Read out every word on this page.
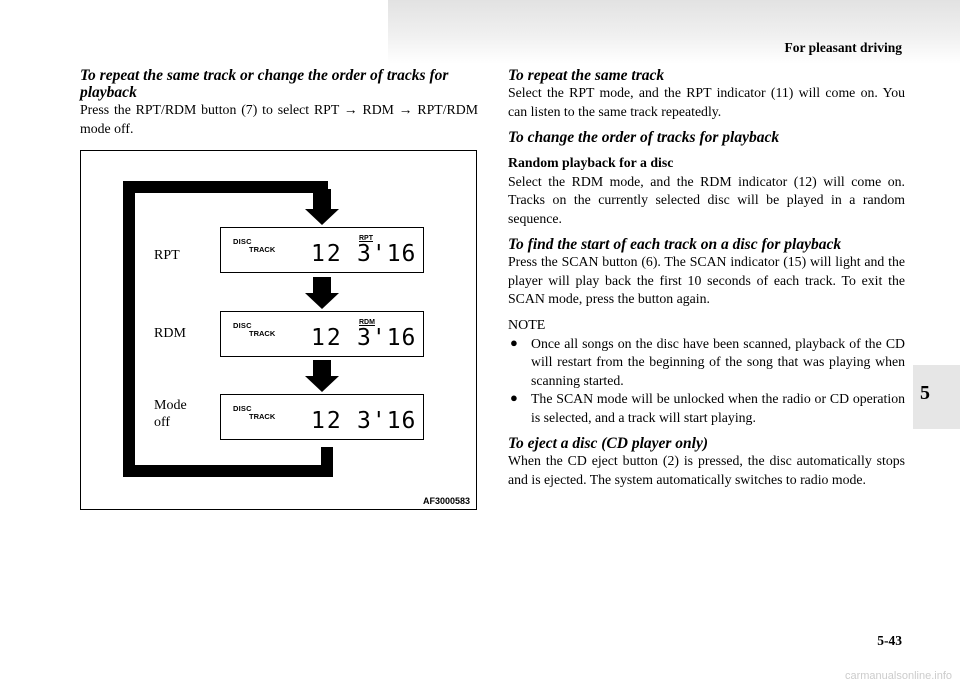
For pleasant driving
5
To repeat the same track or change the order of tracks for playback

Press the RPT/RDM button (7) to select RPT → RDM → RPT/RDM mode off.

DISC
TRACK
RPT
12 3'16
DISC
TRACK
RDM
12 3'16
DISC
TRACK 12 3'16
RPT
RDM
Mode off
AF3000583
To repeat the same track

Select the RPT mode, and the RPT indicator (11) will come on. You can listen to the same track repeatedly.

To change the order of tracks for playback

Random playback for a disc

Select the RDM mode, and the RDM indicator (12) will come on. Tracks on the currently selected disc will be played in a random sequence.

To find the start of each track on a disc for playback

Press the SCAN button (6). The SCAN indicator (15) will light and the player will play back the first 10 seconds of each track. To exit the SCAN mode, press the button again.

NOTE

● Once all songs on the disc have been scanned, playback of the CD will restart from the beginning of the song that was playing when scanning started.

● The SCAN mode will be unlocked when the radio or CD operation is selected, and a track will start playing.

To eject a disc (CD player only)

When the CD eject button (2) is pressed, the disc automatically stops and is ejected. The system automatically switches to radio mode.

5-43
carmanualsonline.info
